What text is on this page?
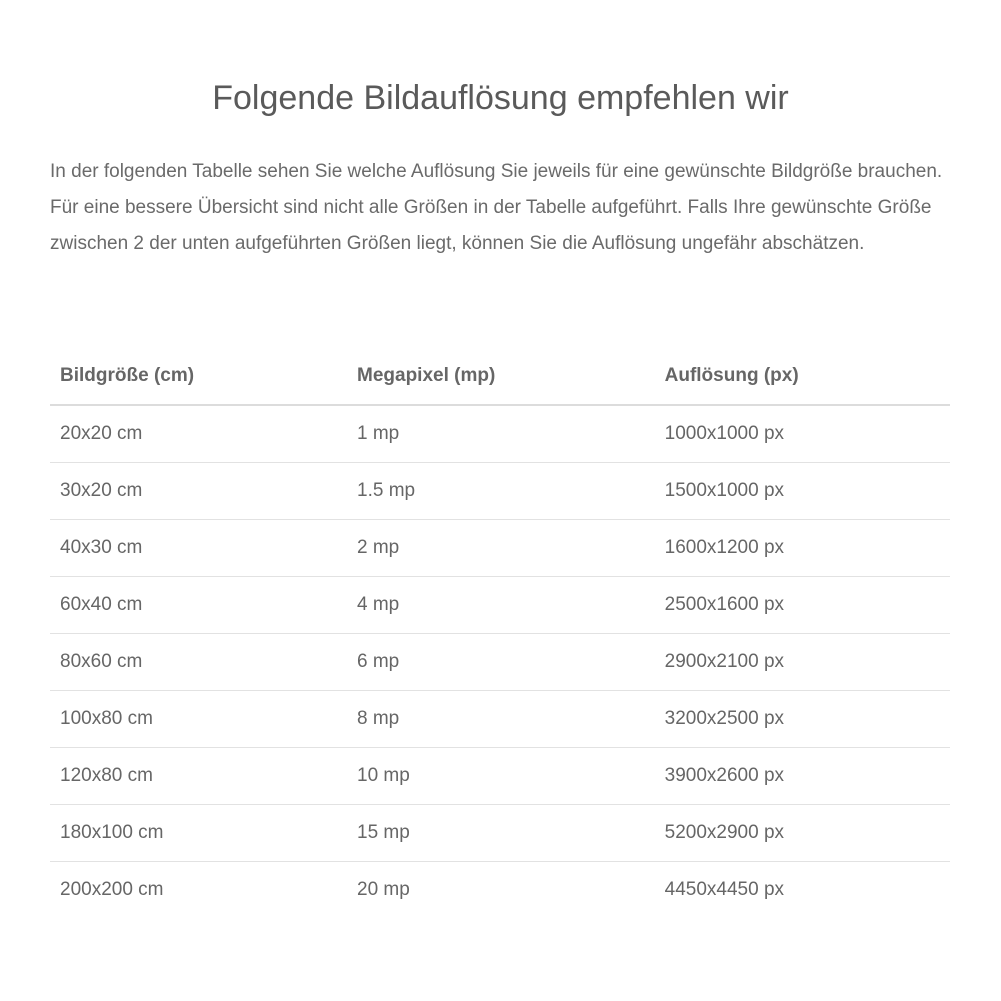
Folgende Bildauflösung empfehlen wir

In der folgenden Tabelle sehen Sie welche Auflösung Sie jeweils für eine gewünschte Bildgröße brauchen. Für eine bessere Übersicht sind nicht alle Größen in der Tabelle aufgeführt. Falls Ihre gewünschte Größe zwischen 2 der unten aufgeführten Größen liegt, können Sie die Auflösung ungefähr abschätzen.

Bildgröße (cm)	Megapixel (mp)	Auflösung (px)
20x20 cm	1 mp	1000x1000 px
30x20 cm	1.5 mp	1500x1000 px
40x30 cm	2 mp	1600x1200 px
60x40 cm	4 mp	2500x1600 px
80x60 cm	6 mp	2900x2100 px
100x80 cm	8 mp	3200x2500 px
120x80 cm	10 mp	3900x2600 px
180x100 cm	15 mp	5200x2900 px
200x200 cm	20 mp	4450x4450 px
